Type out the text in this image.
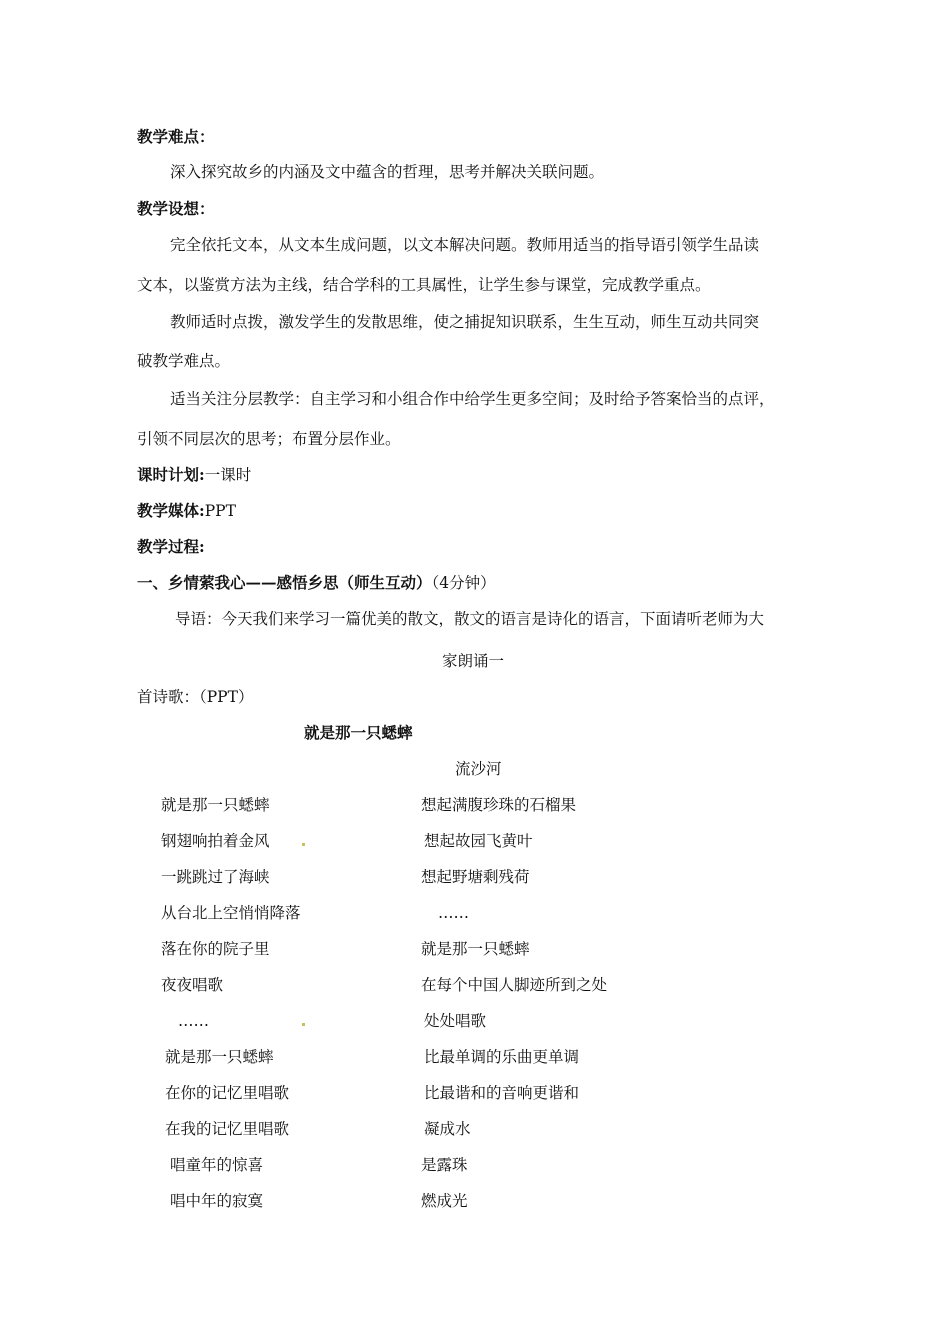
教学难点：
深入探究故乡的内涵及文中蕴含的哲理，思考并解决关联问题。
教学设想：
完全依托文本，从文本生成问题，以文本解决问题。教师用适当的指导语引领学生品读
文本，以鉴赏方法为主线，结合学科的工具属性，让学生参与课堂，完成教学重点。
教师适时点拨，激发学生的发散思维，使之捕捉知识联系，生生互动，师生互动共同突
破教学难点。
适当关注分层教学：自主学习和小组合作中给学生更多空间；及时给予答案恰当的点评，
引领不同层次的思考；布置分层作业。
课时计划:一课时
教学媒体:PPT
教学过程:
一、乡情萦我心——感悟乡思（师生互动）（4分钟）
导语：今天我们来学习一篇优美的散文，散文的语言是诗化的语言，下面请听老师为大
家朗诵一
首诗歌：（PPT）
就是那一只蟋蟀
流沙河
就是那一只蟋蟀
钢翅响拍着金风
一跳跳过了海峡
从台北上空悄悄降落
落在你的院子里
夜夜唱歌
……
就是那一只蟋蟀
在你的记忆里唱歌
在我的记忆里唱歌
唱童年的惊喜
唱中年的寂寞
想起满腹珍珠的石榴果
想起故园飞黄叶
想起野塘剩残荷
……
就是那一只蟋蟀
在每个中国人脚迹所到之处
处处唱歌
比最单调的乐曲更单调
比最谐和的音响更谐和
凝成水
是露珠
燃成光
